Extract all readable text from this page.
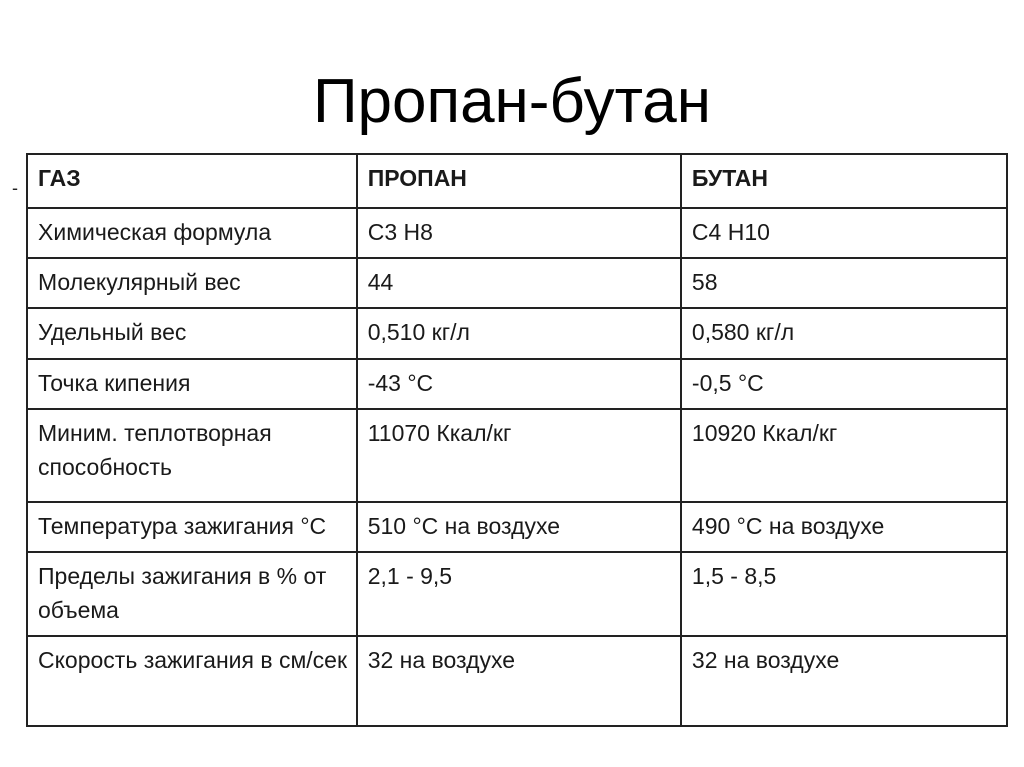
Пропан-бутан
- ГАЗ	ПРОПАН	БУТАН
Химическая формула	C3 H8	C4 H10
Молекулярный вес	44	58
Удельный вес	0,510 кг/л	0,580 кг/л
Точка кипения	-43 °C	-0,5 °C
Миним. теплотворная способность	11070 Ккал/кг	10920 Ккал/кг
Температура зажигания °C	510 °C на воздухе	490 °C на воздухе
Пределы зажигания в % от объема	2,1 - 9,5	1,5 - 8,5
Скорость зажигания в см/сек	32 на воздухе	32 на воздухе
